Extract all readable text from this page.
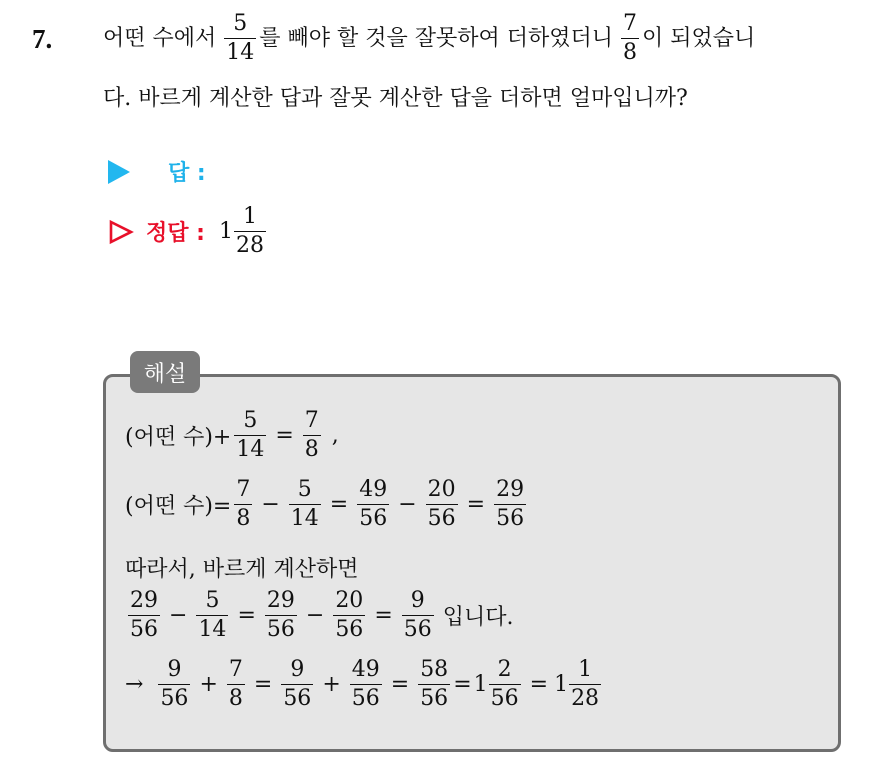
7. 어떤 수에서 $\frac{5}{14}$ 를 빼야 할 것을 잘못하여 더하였더니 $\frac{7}{8}$ 이 되었습니
다. 바르게 계산한 답과 잘못 계산한 답을 더하면 얼마입니까?
답 :
정답 : $1 \frac{1}{28}$
해설
(어떤 수)+ $\frac{5}{14} = \frac{7}{8}$ ,
(어떤 수)= $\frac{7}{8} - \frac{5}{14} = \frac{49}{56} - \frac{20}{56} = \frac{29}{56}$
따라서, 바르게 계산하면
$\frac{29}{56} - \frac{5}{14} = \frac{29}{56} - \frac{20}{56} = \frac{9}{56}$ 입니다.
→ $\frac{9}{56} + \frac{7}{8} = \frac{9}{56} + \frac{49}{56} = \frac{58}{56} = 1 \frac{2}{56} = 1 \frac{1}{28}$
